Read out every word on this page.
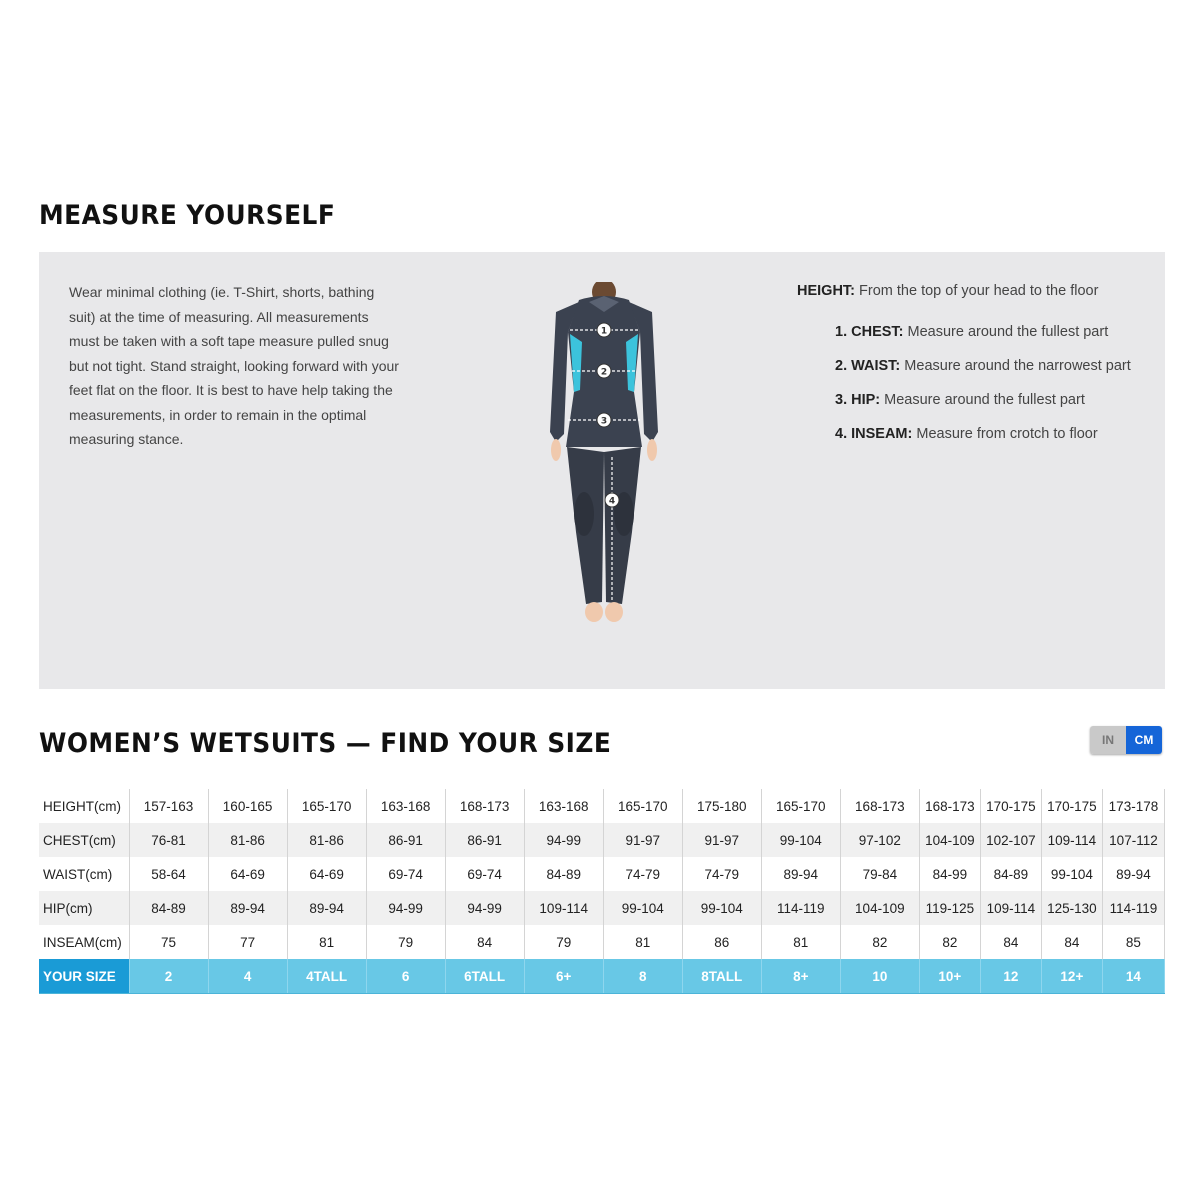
MEASURE YOURSELF
Wear minimal clothing (ie. T-Shirt, shorts, bathing suit) at the time of measuring. All measurements must be taken with a soft tape measure pulled snug but not tight. Stand straight, looking forward with your feet flat on the floor. It is best to have help taking the measurements, in order to remain in the optimal measuring stance.
1
2
3
4

HEIGHT: From the top of your head to the floor

1. CHEST: Measure around the fullest part
2. WAIST: Measure around the narrowest part
3. HIP: Measure around the fullest part
4. INSEAM: Measure from crotch to floor
WOMEN’S WETSUITS — FIND YOUR SIZE	IN	CM
HEIGHT(cm)	157-163	160-165	165-170	163-168	168-173	163-168	165-170	175-180	165-170	168-173	168-173	170-175	170-175	173-178
CHEST(cm)	76-81	81-86	81-86	86-91	86-91	94-99	91-97	91-97	99-104	97-102	104-109	102-107	109-114	107-112
WAIST(cm)	58-64	64-69	64-69	69-74	69-74	84-89	74-79	74-79	89-94	79-84	84-99	84-89	99-104	89-94
HIP(cm)	84-89	89-94	89-94	94-99	94-99	109-114	99-104	99-104	114-119	104-109	119-125	109-114	125-130	114-119
INSEAM(cm)	75	77	81	79	84	79	81	86	81	82	82	84	84	85
YOUR SIZE	2	4	4TALL	6	6TALL	6+	8	8TALL	8+	10	10+	12	12+	14
